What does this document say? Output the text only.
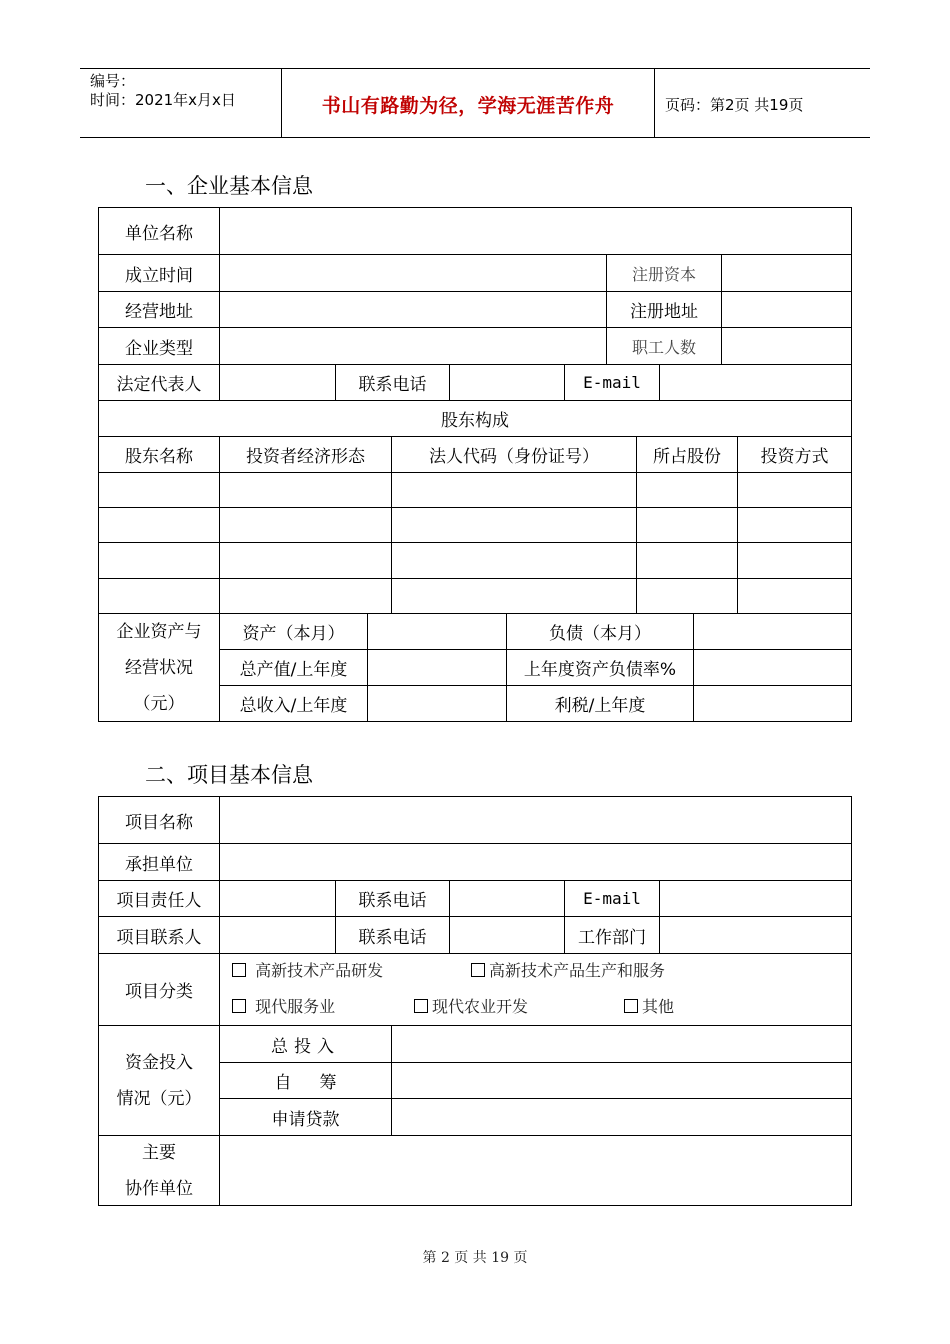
编号：
时间：2021年x月x日	书山有路勤为径，学海无涯苦作舟	页码：第2页 共19页
一、企业基本信息
单位名称
成立时间	注册资本
经营地址	注册地址
企业类型	职工人数
法定代表人	联系电话	E-mail
股东构成
股东名称	投资者经济形态	法人代码（身份证号）	所占股份	投资方式
企业资产与
经营状况
（元）
资产（本月）	负债（本月）
总产值/上年度	上年度资产负债率%
总收入/上年度	利税/上年度
二、项目基本信息
项目名称
承担单位
项目责任人	联系电话	E-mail
项目联系人	联系电话	工作部门
项目分类
高新技术产品研发	高新技术产品生产和服务
现代服务业	现代农业开发	其他
资金投入
情况（元）
总投入
自筹
申请贷款
主要
协作单位
第 2 页 共 19 页
